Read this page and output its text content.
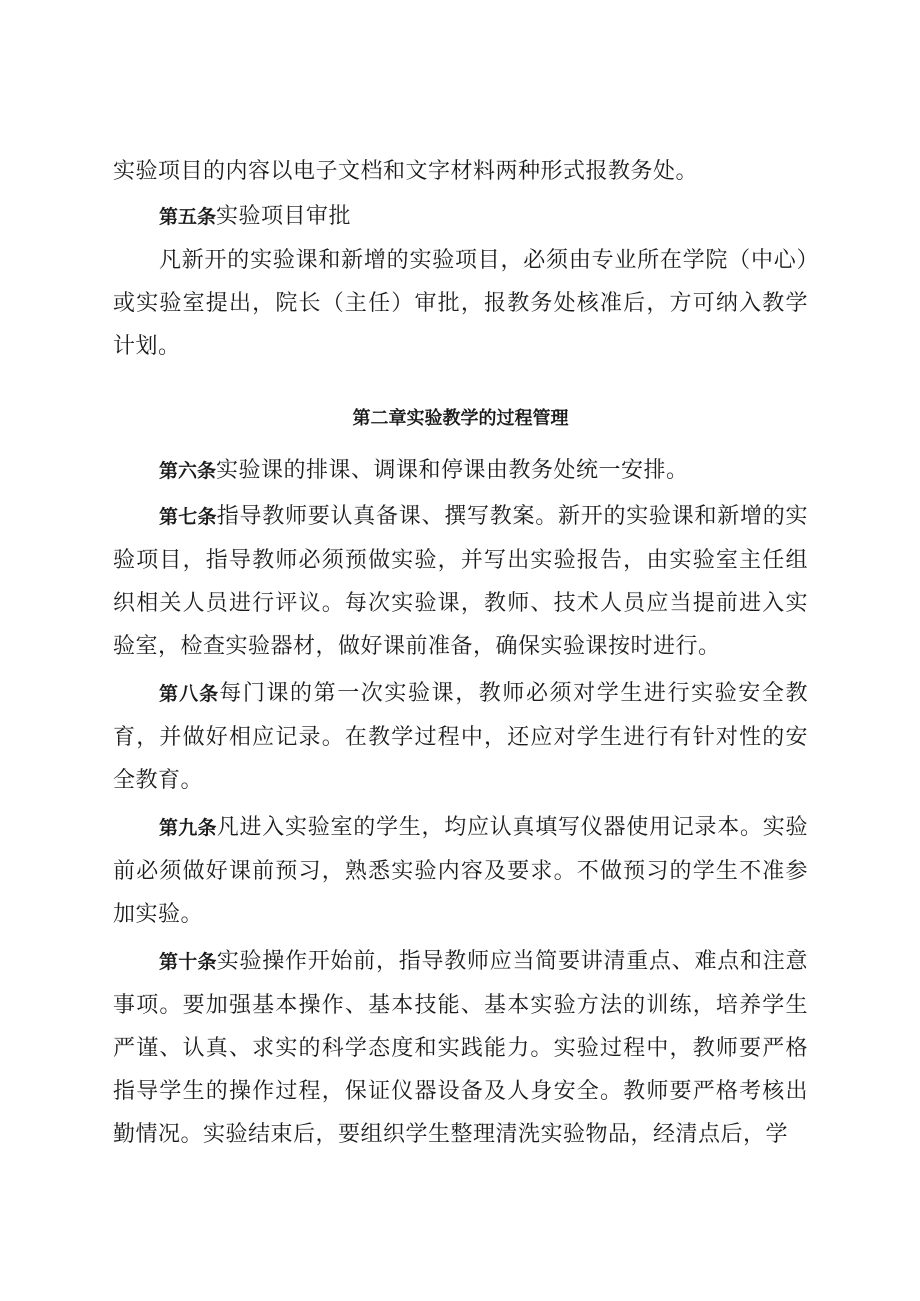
实验项目的内容以电子文档和文字材料两种形式报教务处。

第五条实验项目审批

凡新开的实验课和新增的实验项目，必须由专业所在学院（中心）或实验室提出，院长（主任）审批，报教务处核准后，方可纳入教学计划。

第二章实验教学的过程管理

第六条实验课的排课、调课和停课由教务处统一安排。

第七条指导教师要认真备课、撰写教案。新开的实验课和新增的实验项目，指导教师必须预做实验，并写出实验报告，由实验室主任组织相关人员进行评议。每次实验课，教师、技术人员应当提前进入实验室，检查实验器材，做好课前准备，确保实验课按时进行。

第八条每门课的第一次实验课，教师必须对学生进行实验安全教育，并做好相应记录。在教学过程中，还应对学生进行有针对性的安全教育。

第九条凡进入实验室的学生，均应认真填写仪器使用记录本。实验前必须做好课前预习，熟悉实验内容及要求。不做预习的学生不准参加实验。

第十条实验操作开始前，指导教师应当简要讲清重点、难点和注意事项。要加强基本操作、基本技能、基本实验方法的训练，培养学生严谨、认真、求实的科学态度和实践能力。实验过程中，教师要严格指导学生的操作过程，保证仪器设备及人身安全。教师要严格考核出勤情况。实验结束后，要组织学生整理清洗实验物品，经清点后，学
